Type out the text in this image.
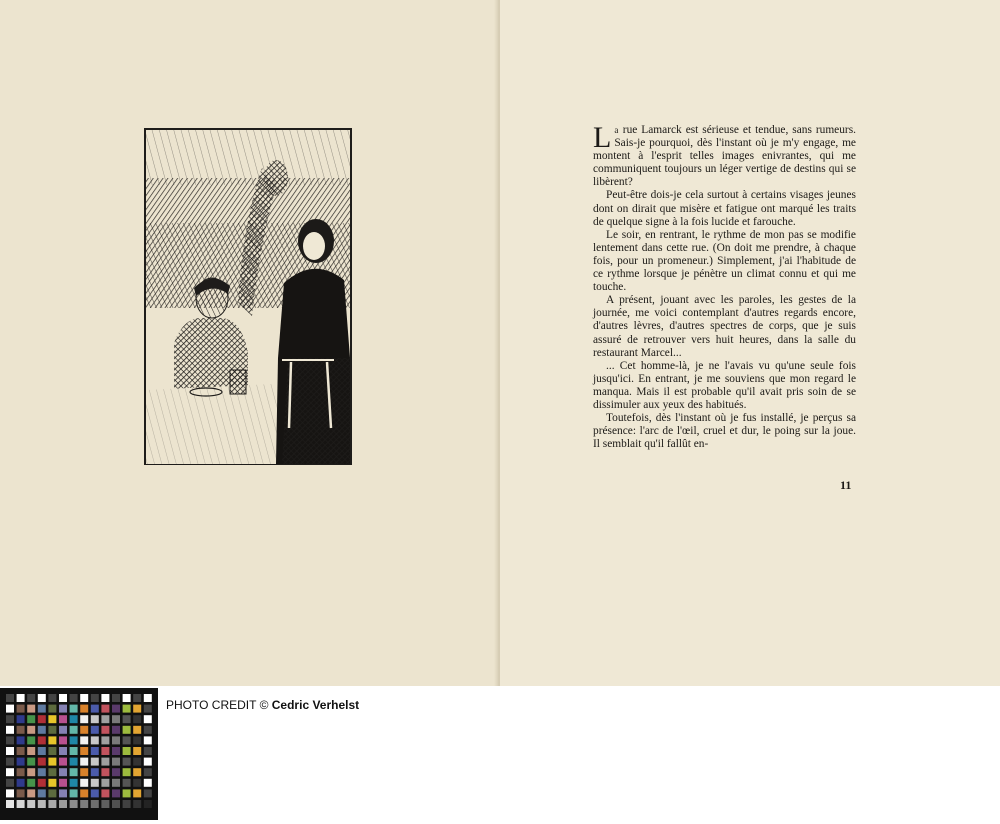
La rue Lamarck est sérieuse et tendue, sans rumeurs. Sais-je pourquoi, dès l'instant où je m'y engage, me montent à l'esprit telles images enivrantes, qui me communiquent toujours un léger vertige de destins qui se libèrent?

Peut-être dois-je cela surtout à certains visages jeunes dont on dirait que misère et fatigue ont marqué les traits de quelque signe à la fois lucide et farouche.

Le soir, en rentrant, le rythme de mon pas se modifie lentement dans cette rue. (On doit me prendre, à chaque fois, pour un promeneur.) Simplement, j'ai l'habitude de ce rythme lorsque je pénètre un climat connu et qui me touche.

A présent, jouant avec les paroles, les gestes de la journée, me voici contemplant d'autres regards encore, d'autres lèvres, d'autres spectres de corps, que je suis assuré de retrouver vers huit heures, dans la salle du restaurant Marcel...

... Cet homme-là, je ne l'avais vu qu'une seule fois jusqu'ici. En entrant, je me souviens que mon regard le manqua. Mais il est probable qu'il avait pris soin de se dissimuler aux yeux des habitués.

Toutefois, dès l'instant où je fus installé, je perçus sa présence: l'arc de l'œil, cruel et dur, le poing sur la joue. Il semblait qu'il fallût en-

11
PHOTO CREDIT © Cedric Verhelst
